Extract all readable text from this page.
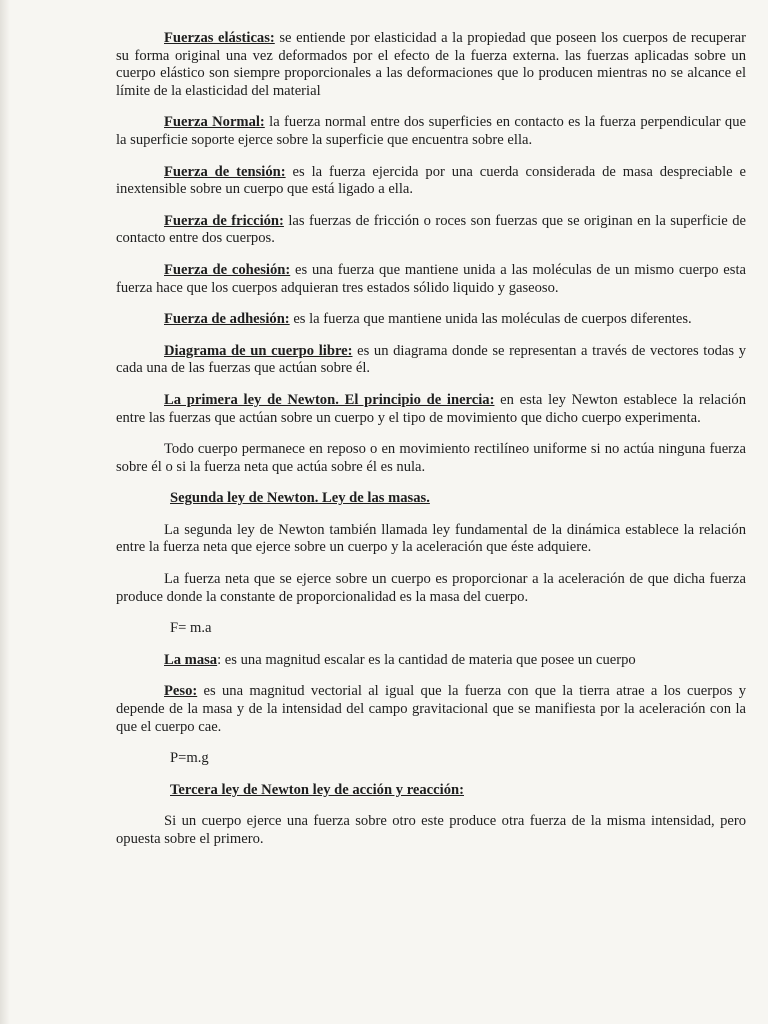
Fuerzas elásticas: se entiende por elasticidad a la propiedad que poseen los cuerpos de recuperar su forma original una vez deformados por el efecto de la fuerza externa. las fuerzas aplicadas sobre un cuerpo elástico son siempre proporcionales a las deformaciones que lo producen mientras no se alcance el límite de la elasticidad del material

Fuerza Normal: la fuerza normal entre dos superficies en contacto es la fuerza perpendicular que la superficie soporte ejerce sobre la superficie que encuentra sobre ella.

Fuerza de tensión: es la fuerza ejercida por una cuerda considerada de masa despreciable e inextensible sobre un cuerpo que está ligado a ella.

Fuerza de fricción: las fuerzas de fricción o roces son fuerzas que se originan en la superficie de contacto entre dos cuerpos.

Fuerza de cohesión: es una fuerza que mantiene unida a las moléculas de un mismo cuerpo esta fuerza hace que los cuerpos adquieran tres estados sólido liquido y gaseoso.

Fuerza de adhesión: es la fuerza que mantiene unida las moléculas de cuerpos diferentes.

Diagrama de un cuerpo libre: es un diagrama donde se representan a través de vectores todas y cada una de las fuerzas que actúan sobre él.

La primera ley de Newton. El principio de inercia: en esta ley Newton establece la relación entre las fuerzas que actúan sobre un cuerpo y el tipo de movimiento que dicho cuerpo experimenta.

Todo cuerpo permanece en reposo o en movimiento rectilíneo uniforme si no actúa ninguna fuerza sobre él o si la fuerza neta que actúa sobre él es nula.

Segunda ley de Newton. Ley de las masas.

La segunda ley de Newton también llamada ley fundamental de la dinámica establece la relación entre la fuerza neta que ejerce sobre un cuerpo y la aceleración que éste adquiere.

La fuerza neta que se ejerce sobre un cuerpo es proporcionar a la aceleración de que dicha fuerza produce donde la constante de proporcionalidad es la masa del cuerpo.

F= m.a

La masa: es una magnitud escalar es la cantidad de materia que posee un cuerpo

Peso: es una magnitud vectorial al igual que la fuerza con que la tierra atrae a los cuerpos y depende de la masa y de la intensidad del campo gravitacional que se manifiesta por la aceleración con la que el cuerpo cae.

P=m.g

Tercera ley de Newton ley de acción y reacción:

Si un cuerpo ejerce una fuerza sobre otro este produce otra fuerza de la misma intensidad, pero opuesta sobre el primero.
